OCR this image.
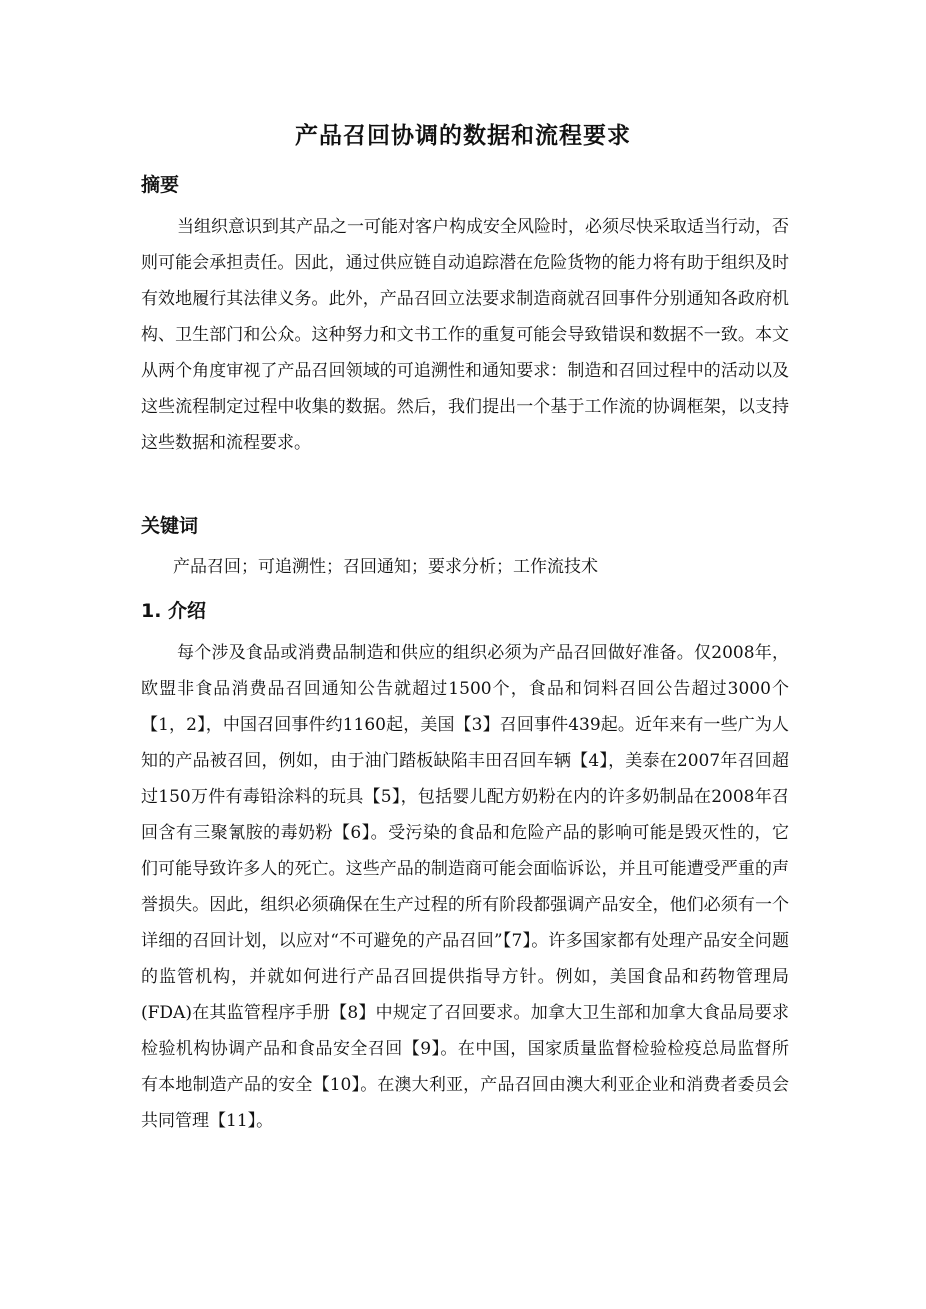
产品召回协调的数据和流程要求
摘要

当组织意识到其产品之一可能对客户构成安全风险时，必须尽快采取适当行动，否则可能会承担责任。因此，通过供应链自动追踪潜在危险货物的能力将有助于组织及时有效地履行其法律义务。此外，产品召回立法要求制造商就召回事件分别通知各政府机构、卫生部门和公众。这种努力和文书工作的重复可能会导致错误和数据不一致。本文从两个角度审视了产品召回领域的可追溯性和通知要求：制造和召回过程中的活动以及这些流程制定过程中收集的数据。然后，我们提出一个基于工作流的协调框架，以支持这些数据和流程要求。

关键词

产品召回；可追溯性；召回通知；要求分析；工作流技术

1. 介绍

每个涉及食品或消费品制造和供应的组织必须为产品召回做好准备。仅2008年，欧盟非食品消费品召回通知公告就超过1500个，食品和饲料召回公告超过3000个【1，2】，中国召回事件约1160起，美国【3】召回事件439起。近年来有一些广为人知的产品被召回，例如，由于油门踏板缺陷丰田召回车辆【4】，美泰在2007年召回超过150万件有毒铅涂料的玩具【5】，包括婴儿配方奶粉在内的许多奶制品在2008年召回含有三聚氰胺的毒奶粉【6】。受污染的食品和危险产品的影响可能是毁灭性的，它们可能导致许多人的死亡。这些产品的制造商可能会面临诉讼，并且可能遭受严重的声誉损失。因此，组织必须确保在生产过程的所有阶段都强调产品安全，他们必须有一个详细的召回计划，以应对“不可避免的产品召回”【7】。许多国家都有处理产品安全问题的监管机构，并就如何进行产品召回提供指导方针。例如，美国食品和药物管理局(FDA)在其监管程序手册【8】中规定了召回要求。加拿大卫生部和加拿大食品局要求检验机构协调产品和食品安全召回【9】。在中国，国家质量监督检验检疫总局监督所有本地制造产品的安全【10】。在澳大利亚，产品召回由澳大利亚企业和消费者委员会共同管理【11】。
